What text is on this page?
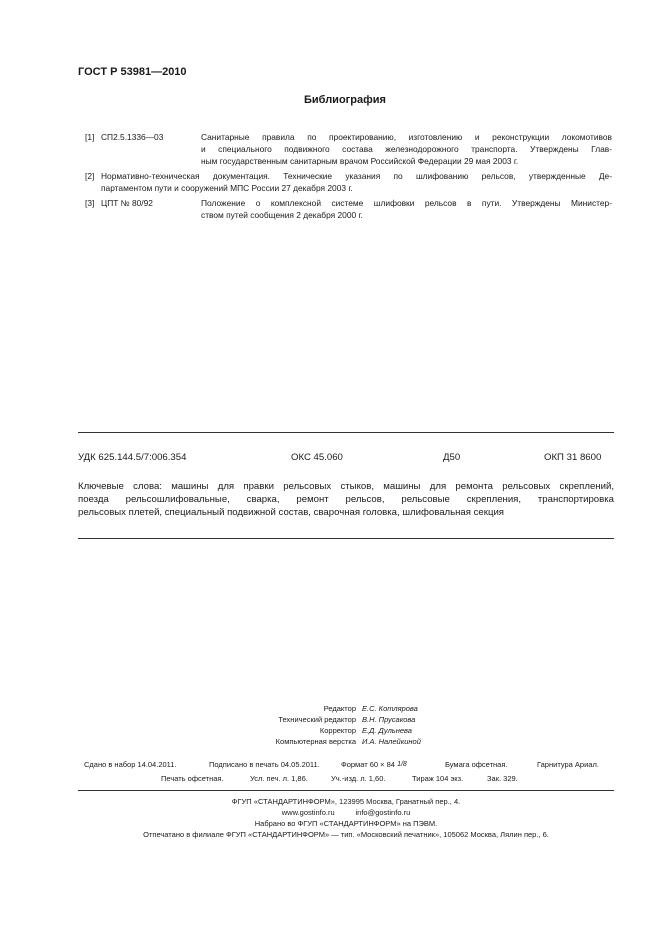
ГОСТ Р 53981—2010
Библиография
[1] СП2.5.1336—03	Санитарные правила по проектированию, изготовлению и реконструкции локомотивов
и специального подвижного состава железнодорожного транспорта. Утверждены Глав-
ным государственным санитарным врачом Российской Федерации 29 мая 2003 г.
[2] Нормативно-техническая документация. Технические указания по шлифованию рельсов, утвержденные Де-
партаментом пути и сооружений МПС России 27 декабря 2003 г.
[3] ЦПТ № 80/92	Положение о комплексной системе шлифовки рельсов в пути. Утверждены Министер-
ством путей сообщения 2 декабря 2000 г.
УДК 625.144.5/7:006.354	ОКС 45.060	Д50	ОКП 31 8600
Ключевые слова: машины для правки рельсовых стыков, машины для ремонта рельсовых скреплений,
поезда рельсошлифовальные, сварка, ремонт рельсов, рельсовые скрепления, транспортировка
рельсовых плетей, специальный подвижной состав, сварочная головка, шлифовальная секция
Редактор Е.С. Котлярова
Технический редактор В.Н. Прусакова
Корректор Е.Д. Дульнева
Компьютерная верстка И.А. Налейкиной
Сдано в набор 14.04.2011.	Подписано в печать 04.05.2011.	Формат 60 × 84 1/8	Бумага офсетная.	Гарнитура Ариал.
Печать офсетная.	Усл. печ. л. 1,86.	Уч.-изд. л. 1,60.	Тираж 104 экз.	Зак. 329.
ФГУП «СТАНДАРТИНФОРМ», 123995 Москва, Гранатный пер., 4.
www.gostinfo.ru          info@gostinfo.ru
Набрано во ФГУП «СТАНДАРТИНФОРМ» на ПЭВМ.
Отпечатано в филиале ФГУП «СТАНДАРТИНФОРМ» — тип. «Московский печатник», 105062 Москва, Лялин пер., 6.
